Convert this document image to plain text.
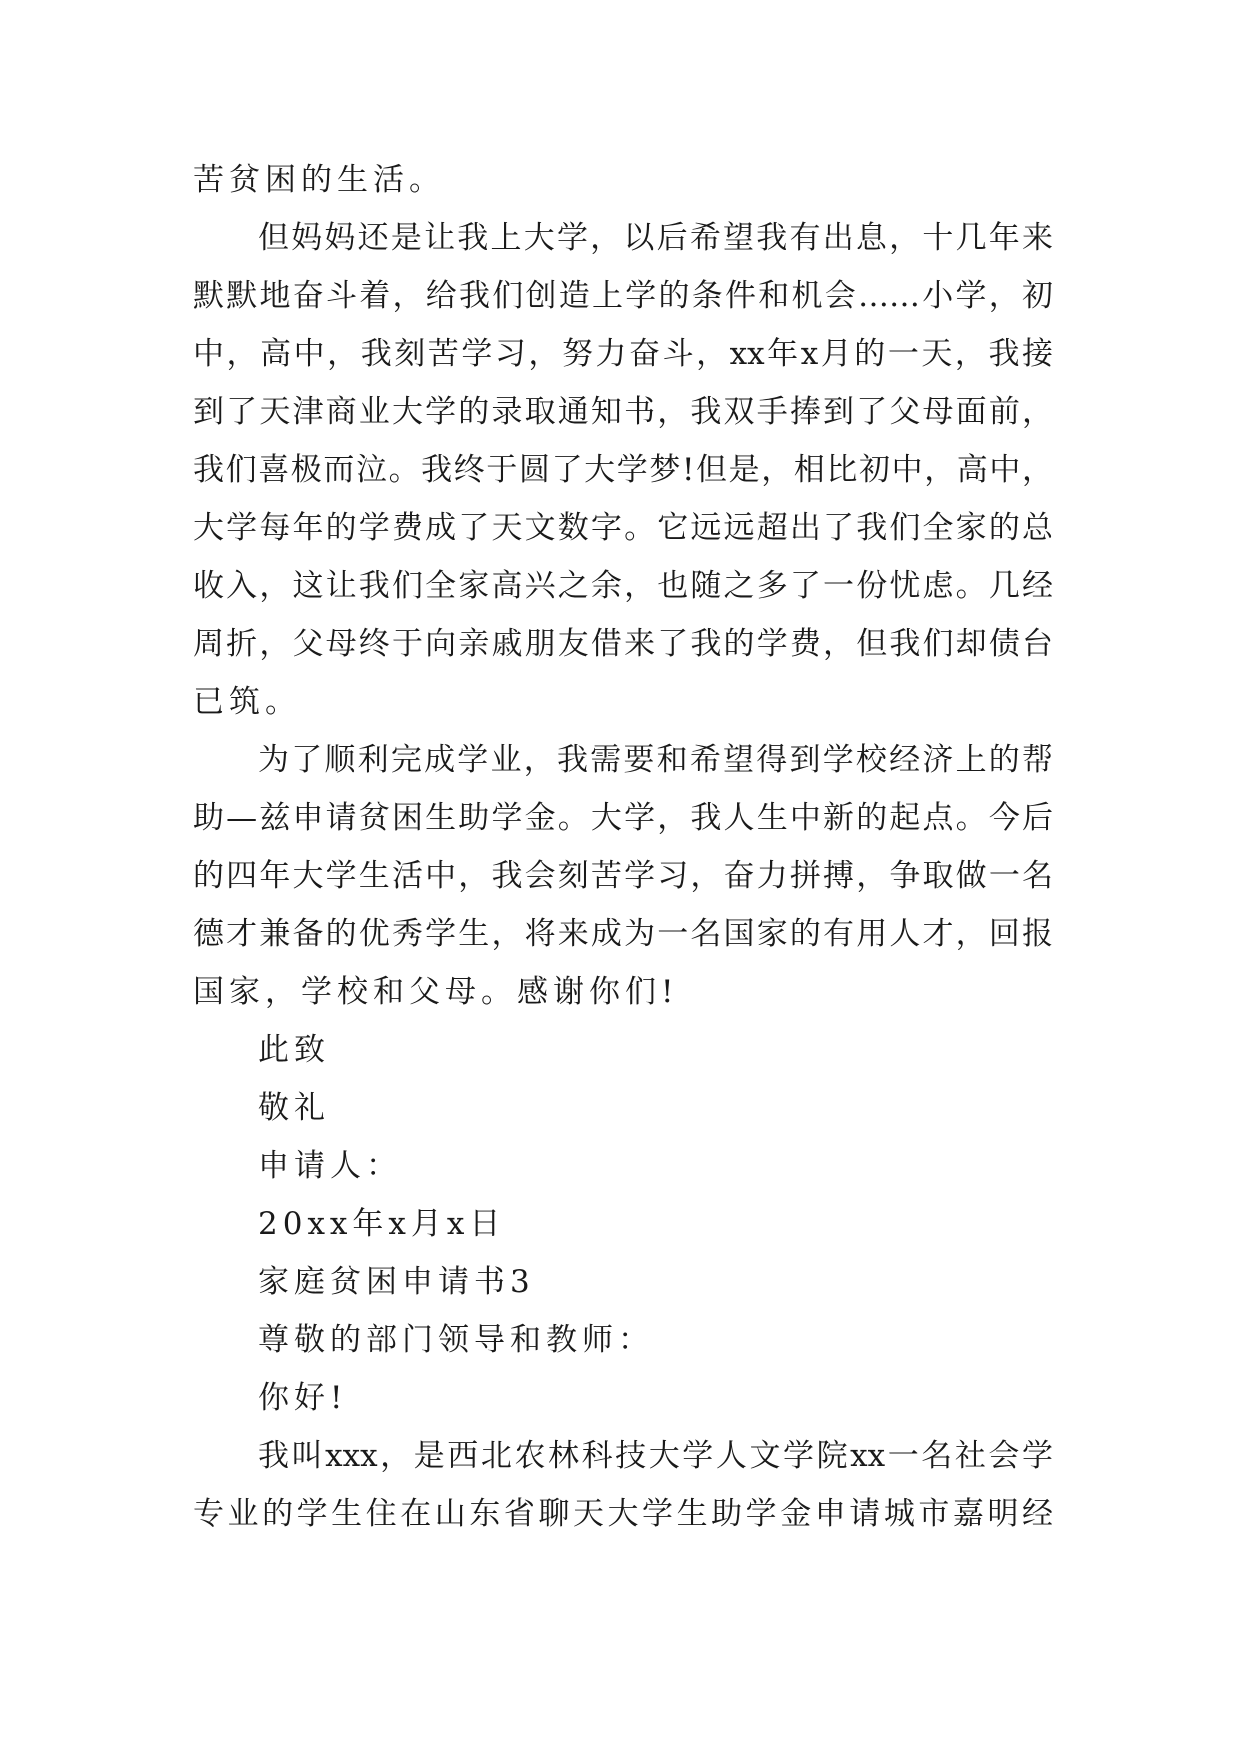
苦贫困的生活。
但妈妈还是让我上大学，以后希望我有出息，十几年来
默默地奋斗着，给我们创造上学的条件和机会……小学，初
中，高中，我刻苦学习，努力奋斗，xx年x月的一天，我接
到了天津商业大学的录取通知书，我双手捧到了父母面前，
我们喜极而泣。我终于圆了大学梦!但是，相比初中，高中，
大学每年的学费成了天文数字。它远远超出了我们全家的总
收入，这让我们全家高兴之余，也随之多了一份忧虑。几经
周折，父母终于向亲戚朋友借来了我的学费，但我们却债台
已筑。
为了顺利完成学业，我需要和希望得到学校经济上的帮
助—兹申请贫困生助学金。大学，我人生中新的起点。今后
的四年大学生活中，我会刻苦学习，奋力拼搏，争取做一名
德才兼备的优秀学生，将来成为一名国家的有用人才，回报
国家，学校和父母。感谢你们!
此致
敬礼
申请人：
20xx年x月x日
家庭贫困申请书3
尊敬的部门领导和教师：
你好!
我叫xxx，是西北农林科技大学人文学院xx一名社会学
专业的学生住在山东省聊天大学生助学金申请城市嘉明经
